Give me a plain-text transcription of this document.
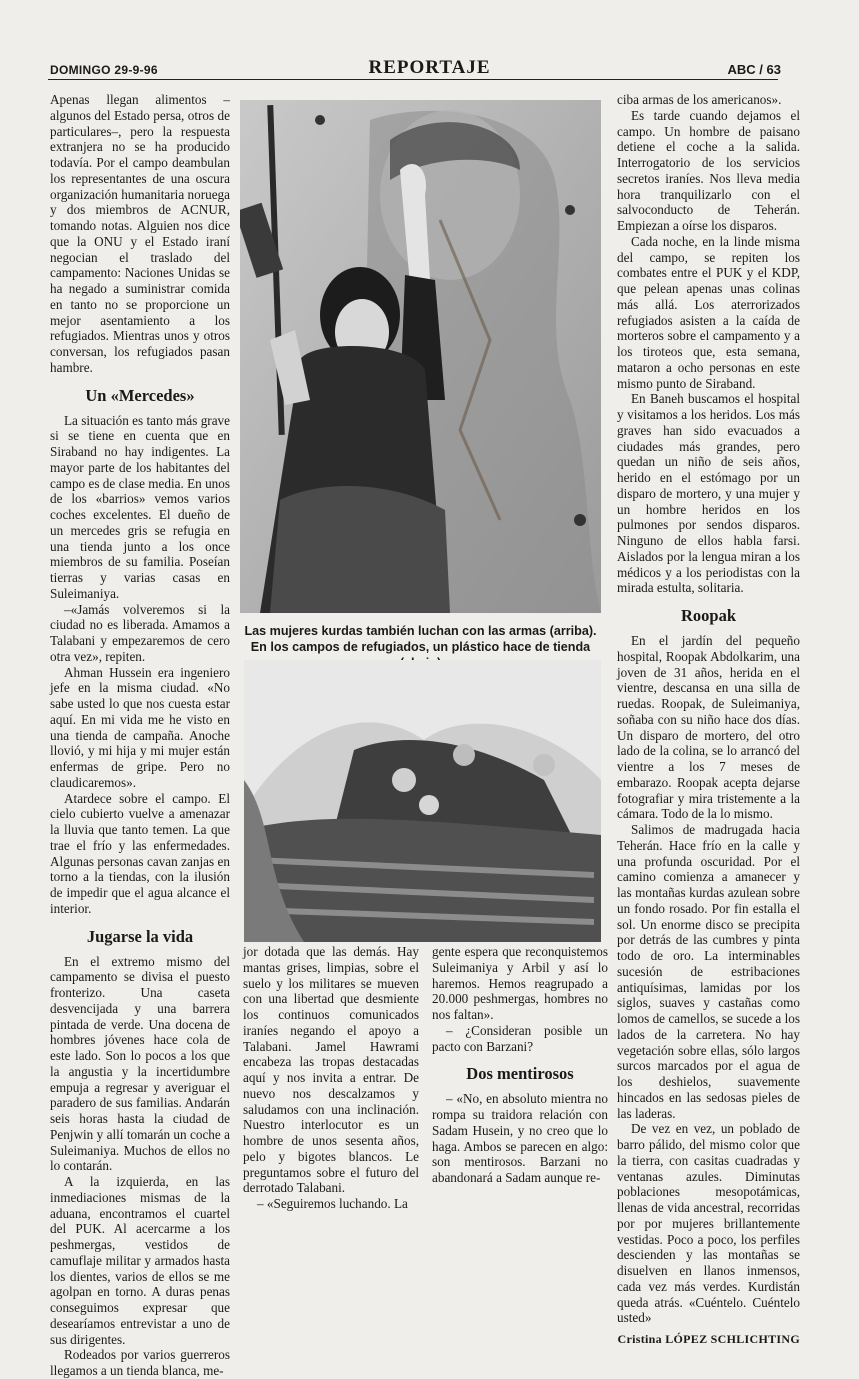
DOMINGO 29-9-96	REPORTAJE	ABC / 63

Apenas llegan alimentos –algunos del Estado persa, otros de particulares–, pero la respuesta extranjera no se ha producido todavía. Por el campo deambulan los representantes de una oscura organización humanitaria noruega y dos miembros de ACNUR, tomando notas. Alguien nos dice que la ONU y el Estado iraní negocian el traslado del campamento: Naciones Unidas se ha negado a suministrar comida en tanto no se proporcione un mejor asentamiento a los refugiados. Mientras unos y otros conversan, los refugiados pasan hambre.

Un «Mercedes»

La situación es tanto más grave si se tiene en cuenta que en Siraband no hay indigentes. La mayor parte de los habitantes del campo es de clase media. En unos de los «barrios» vemos varios coches excelentes. El dueño de un mercedes gris se refugia en una tienda junto a los once miembros de su familia. Poseían tierras y varias casas en Suleimaniya.

–«Jamás volveremos si la ciudad no es liberada. Amamos a Talabani y empezaremos de cero otra vez», repiten.

Ahman Hussein era ingeniero jefe en la misma ciudad. «No sabe usted lo que nos cuesta estar aquí. En mi vida me he visto en una tienda de campaña. Anoche llovió, y mi hija y mi mujer están enfermas de gripe. Pero no claudicaremos».

Atardece sobre el campo. El cielo cubierto vuelve a amenazar la lluvia que tanto temen. La que trae el frío y las enfermedades. Algunas personas cavan zanjas en torno a la tiendas, con la ilusión de impedir que el agua alcance el interior.

Jugarse la vida

En el extremo mismo del campamento se divisa el puesto fronterizo. Una caseta desvencijada y una barrera pintada de verde. Una docena de hombres jóvenes hace cola de este lado. Son lo pocos a los que la angustia y la incertidumbre empuja a regresar y averiguar el paradero de sus familias. Andarán seis horas hasta la ciudad de Penjwin y allí tomarán un coche a Suleimaniya. Muchos de ellos no lo contarán.

A la izquierda, en las inmediaciones mismas de la aduana, encontramos el cuartel del PUK. Al acercarme a los peshmergas, vestidos de camuflaje militar y armados hasta los dientes, varios de ellos se me agolpan en torno. A duras penas conseguimos expresar que desearíamos entrevistar a uno de sus dirigentes.

Rodeados por varios guerreros llegamos a un tienda blanca, me-

Las mujeres kurdas también luchan con las armas (arriba). En los campos de refugiados, un plástico hace de tienda

jor dotada que las demás. Hay mantas grises, limpias, sobre el suelo y los militares se mueven con una libertad que desmiente los continuos comunicados iraníes negando el apoyo a Talabani. Jamel Hawrami encabeza las tropas destacadas aquí y nos invita a entrar. De nuevo nos descalzamos y saludamos con una inclinación. Nuestro interlocutor es un hombre de unos sesenta años, pelo y bigotes blancos. Le preguntamos sobre el futuro del derrotado Talabani.

– «Seguiremos luchando. La

gente espera que reconquistemos Suleimaniya y Arbil y así lo haremos. Hemos reagrupado a 20.000 peshmergas, hombres no nos faltan».

– ¿Consideran posible un pacto con Barzani?

Dos mentirosos

– «No, en absoluto mientra no rompa su traidora relación con Sadam Husein, y no creo que lo haga. Ambos se parecen en algo: son mentirosos. Barzani no abandonará a Sadam aunque re-

ciba armas de los americanos».

Es tarde cuando dejamos el campo. Un hombre de paisano detiene el coche a la salida. Interrogatorio de los servicios secretos iraníes. Nos lleva media hora tranquilizarlo con el salvoconducto de Teherán. Empiezan a oírse los disparos.

Cada noche, en la linde misma del campo, se repiten los combates entre el PUK y el KDP, que pelean apenas unas colinas más allá. Los aterrorizados refugiados asisten a la caída de morteros sobre el campamento y a los tiroteos que, esta semana, mataron a ocho personas en este mismo punto de Siraband.

En Baneh buscamos el hospital y visitamos a los heridos. Los más graves han sido evacuados a ciudades más grandes, pero quedan un niño de seis años, herido en el estómago por un disparo de mortero, y una mujer y un hombre heridos en los pulmones por sendos disparos. Ninguno de ellos habla farsi. Aislados por la lengua miran a los médicos y a los periodistas con la mirada estulta, solitaria.

Roopak

En el jardín del pequeño hospital, Roopak Abdolkarim, una joven de 31 años, herida en el vientre, descansa en una silla de ruedas. Roopak, de Suleimaniya, soñaba con su niño hace dos días. Un disparo de mortero, del otro lado de la colina, se lo arrancó del vientre a los 7 meses de embarazo. Roopak acepta dejarse fotografiar y mira tristemente a la cámara. Todo de la lo mismo.

Salimos de madrugada hacia Teherán. Hace frío en la calle y una profunda oscuridad. Por el camino comienza a amanecer y las montañas kurdas azulean sobre un fondo rosado. Por fin estalla el sol. Un enorme disco se precipita por detrás de las cumbres y pinta todo de oro. La interminables sucesión de estribaciones antiquísimas, lamidas por los siglos, suaves y castañas como lomos de camellos, se sucede a los lados de la carretera. No hay vegetación sobre ellas, sólo largos surcos marcados por el agua de los deshielos, suavemente hincados en las sedosas pieles de las laderas.

De vez en vez, un poblado de barro pálido, del mismo color que la tierra, con casitas cuadradas y ventanas azules. Diminutas poblaciones mesopotámicas, llenas de vida ancestral, recorridas por por mujeres brillantemente vestidas. Poco a poco, los perfiles descienden y las montañas se disuelven en llanos inmensos, cada vez más verdes. Kurdistán queda atrás. «Cuéntelo. Cuéntelo usted»

Cristina LÓPEZ SCHLICHTING
